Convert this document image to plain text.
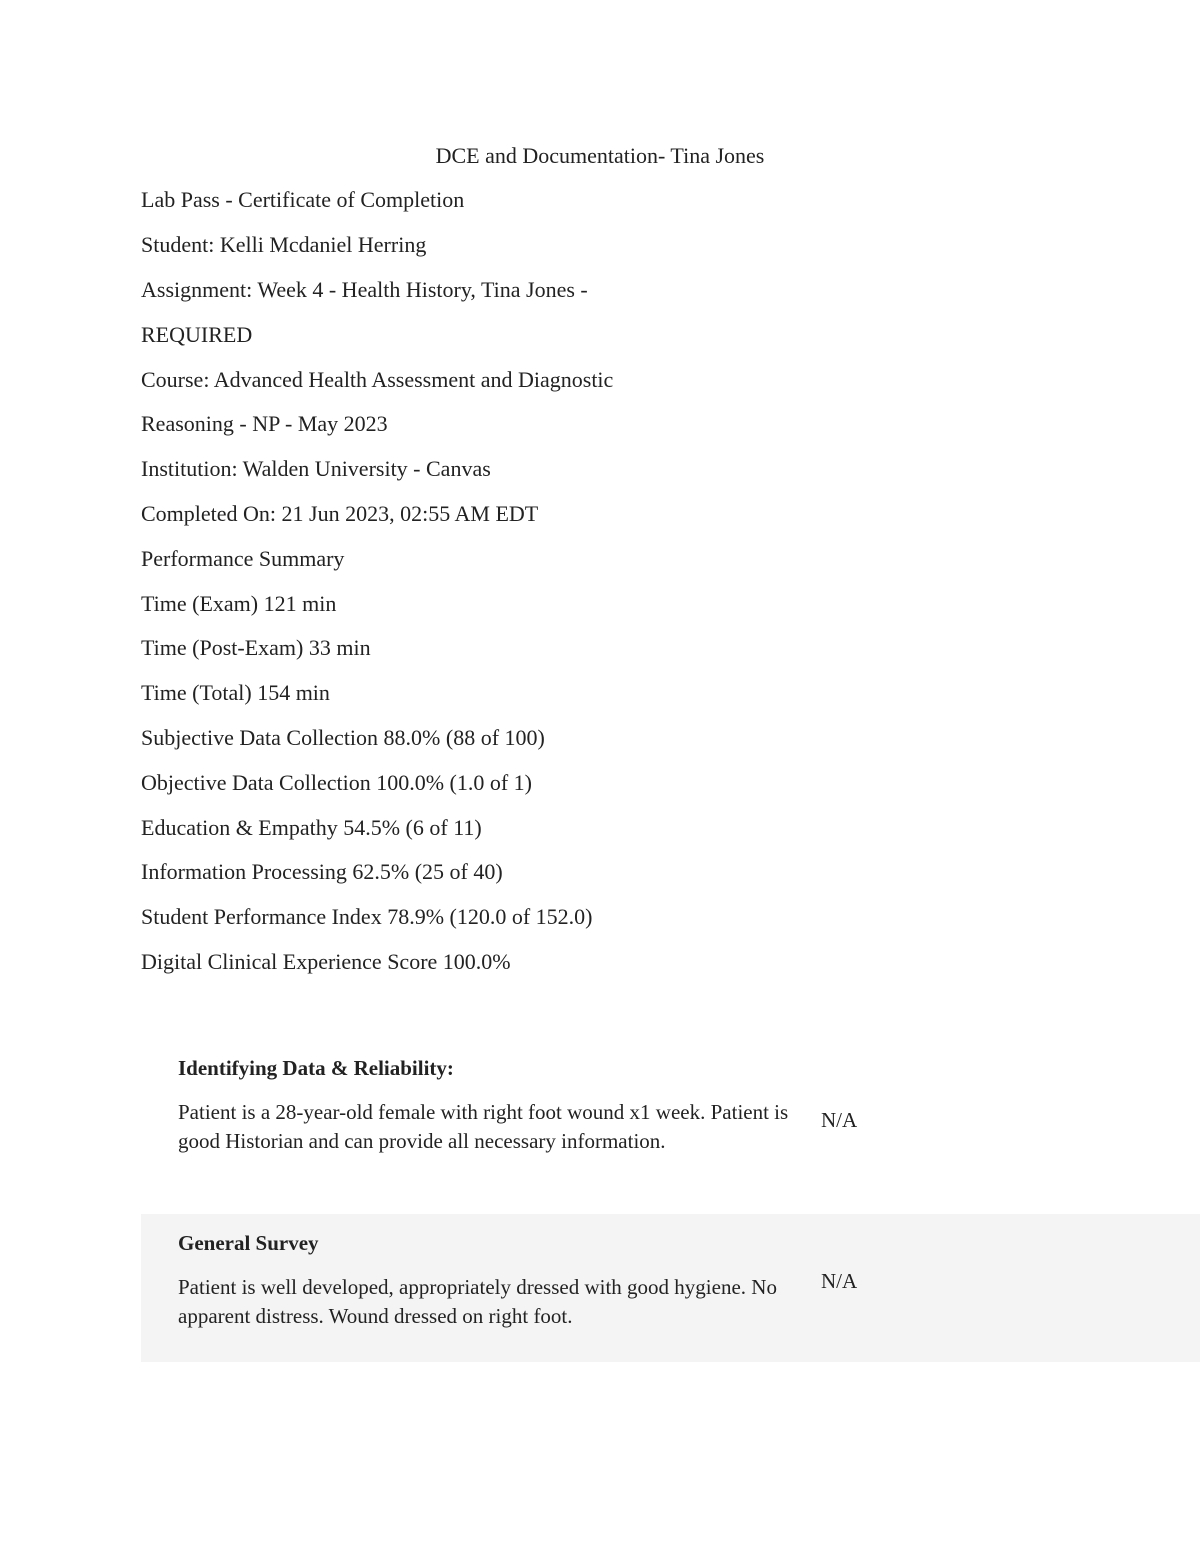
DCE and Documentation- Tina Jones
Lab Pass - Certificate of Completion
Student: Kelli Mcdaniel Herring
Assignment: Week 4 - Health History, Tina Jones -
REQUIRED
Course: Advanced Health Assessment and Diagnostic
Reasoning - NP - May 2023
Institution: Walden University - Canvas
Completed On: 21 Jun 2023, 02:55 AM EDT
Performance Summary
Time (Exam) 121 min
Time (Post-Exam) 33 min
Time (Total) 154 min
Subjective Data Collection 88.0% (88 of 100)
Objective Data Collection 100.0% (1.0 of 1)
Education & Empathy 54.5% (6 of 11)
Information Processing 62.5% (25 of 40)
Student Performance Index 78.9% (120.0 of 152.0)
Digital Clinical Experience Score 100.0%
Identifying Data & Reliability:
Patient is a 28-year-old female with right foot wound x1 week. Patient is good Historian and can provide all necessary information.
N/A
General Survey
Patient is well developed, appropriately dressed with good hygiene. No apparent distress. Wound dressed on right foot.
N/A
